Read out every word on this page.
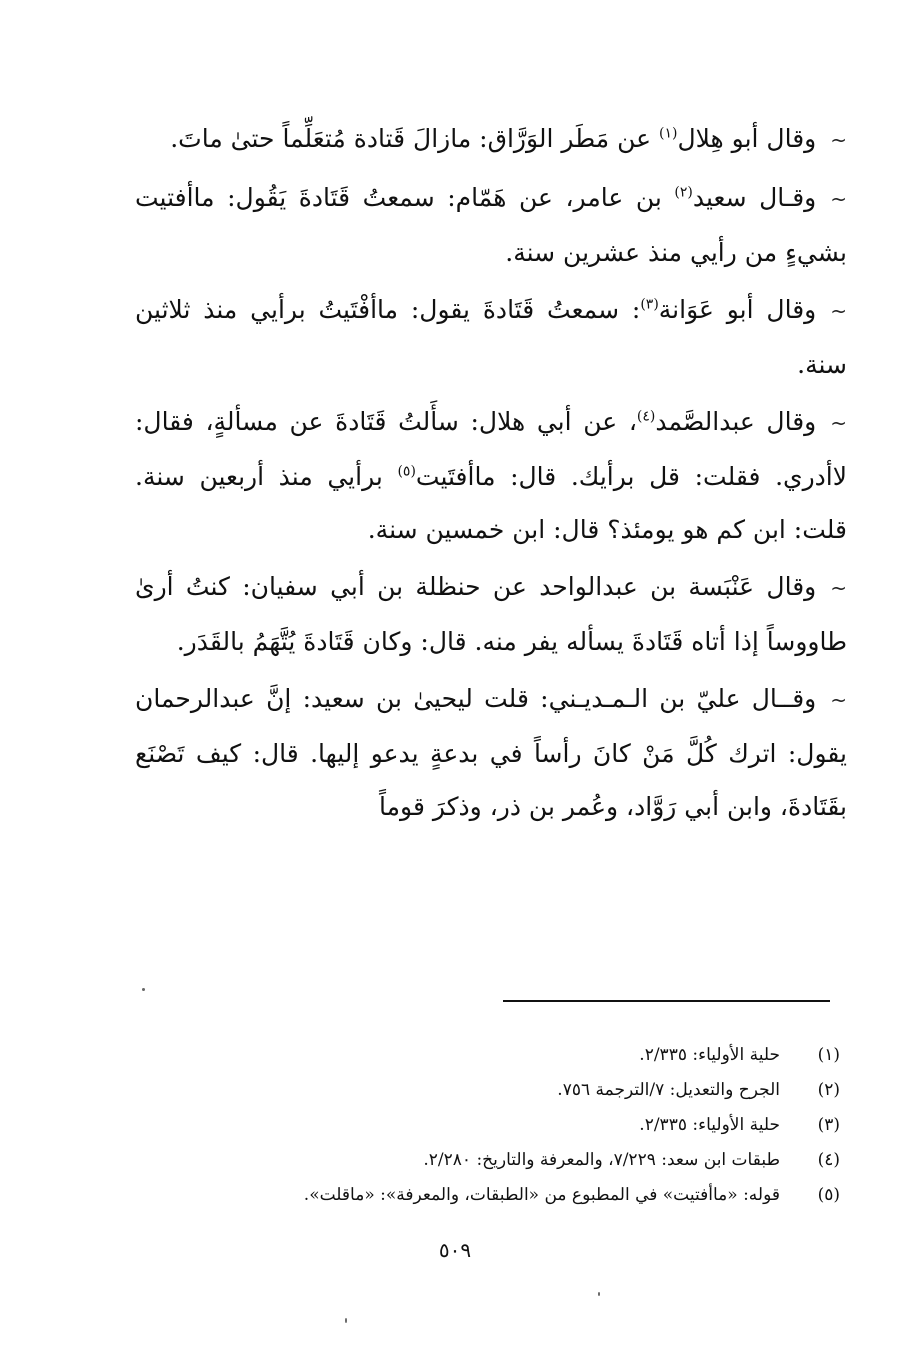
~وقال أبو هِلال$^{(١)}$ عن مَطَر الوَرَّاق: مازالَ قَتادة مُتعَلِّماً حتىٰ ماتَ.

~وقـال سعيد$^{(٢)}$ بن عامر، عن هَمّام: سمعتُ قَتَادةَ يَقُول: ماأفتيت بشيءٍ من رأيي منذ عشرين سنة.

~وقال أبو عَوَانة$^{(٣)}$: سمعتُ قَتَادةَ يقول: ماأفْتَيتُ برأيي منذ ثلاثين سنة.

~وقال عبدالصَّمد$^{(٤)}$، عن أبي هلال: سأَلتُ قَتَادةَ عن مسألةٍ، فقال: لاأدري. فقلت: قل برأيك. قال: ماأفتَيت$^{(٥)}$ برأيي منذ أربعين سنة. قلت: ابن كم هو يومئذ؟ قال: ابن خمسين سنة.

~وقال عَنْبَسة بن عبدالواحد عن حنظلة بن أبي سفيان: كنتُ أرىٰ طاووساً إذا أتاه قَتَادةَ يسأله يفر منه. قال: وكان قَتَادةَ يُتَّهَمُ بالقَدَر.

~وقــال عليّ بن الـمـديـني: قلت ليحيىٰ بن سعيد: إنَّ عبدالرحمان يقول: اترك كُلَّ مَنْ كانَ رأساً في بدعةٍ يدعو إليها. قال: كيف تَصْنَع بقَتَادةَ، وابن أبي رَوَّاد، وعُمر بن ذر، وذكرَ قوماً

(١)
حلية الأولياء: ٢/٣٣٥.
(٢)
الجرح والتعديل: ٧/الترجمة ٧٥٦.
(٣)
حلية الأولياء: ٢/٣٣٥.
(٤)
طبقات ابن سعد: ٧/٢٢٩، والمعرفة والتاريخ: ٢/٢٨٠.
(٥)
قوله: «ماأفتيت» في المطبوع من «الطبقات، والمعرفة»: «ماقلت».
٥٠٩
